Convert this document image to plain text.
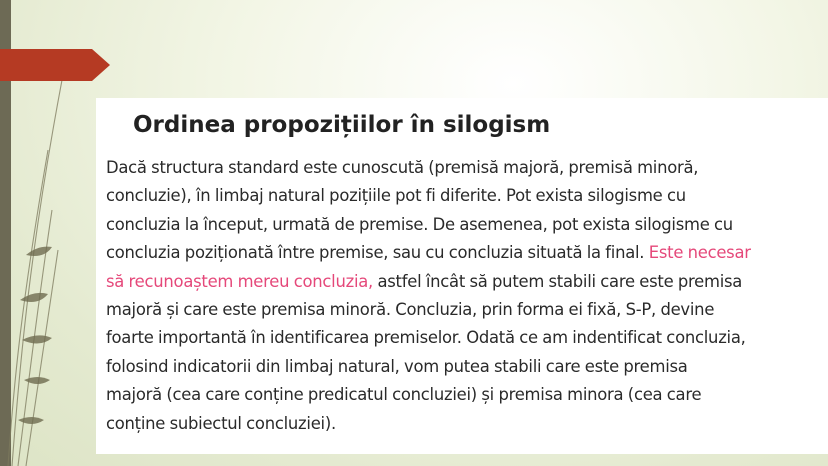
Ordinea propozițiilor în silogism

Dacă structura standard este cunoscută (premisă majoră, premisă minoră,
concluzie), în limbaj natural pozițiile pot fi diferite. Pot exista silogisme cu
concluzia la început, urmată de premise. De asemenea, pot exista silogisme cu
concluzia poziționată între premise, sau cu concluzia situată la final. Este necesar
să recunoaștem mereu concluzia, astfel încât să putem stabili care este premisa
majoră și care este premisa minoră. Concluzia, prin forma ei fixă, S-P, devine
foarte importantă în identificarea premiselor. Odată ce am indentificat concluzia,
folosind indicatorii din limbaj natural, vom putea stabili care este premisa
majoră (cea care conține predicatul concluziei) și premisa minora (cea care
conține subiectul concluziei).
